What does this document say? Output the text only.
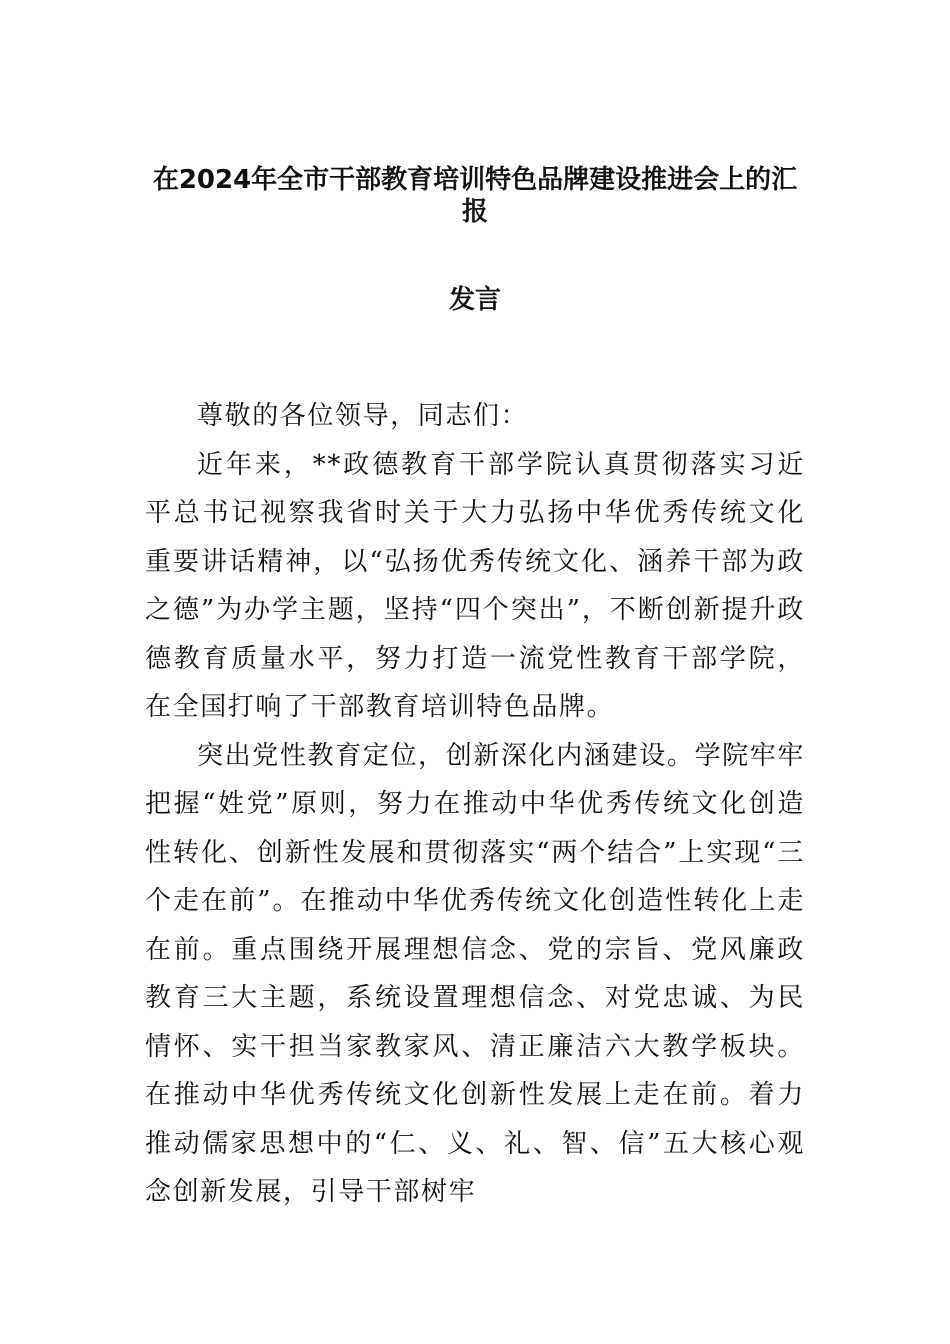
在2024年全市干部教育培训特色品牌建设推进会上的汇报
发言

尊敬的各位领导，同志们：

近年来，**政德教育干部学院认真贯彻落实习近平总书记视察我省时关于大力弘扬中华优秀传统文化重要讲话精神，以“弘扬优秀传统文化、涵养干部为政之德”为办学主题，坚持“四个突出”，不断创新提升政德教育质量水平，努力打造一流党性教育干部学院，在全国打响了干部教育培训特色品牌。

突出党性教育定位，创新深化内涵建设。学院牢牢把握“姓党”原则，努力在推动中华优秀传统文化创造性转化、创新性发展和贯彻落实“两个结合”上实现“三个走在前”。在推动中华优秀传统文化创造性转化上走在前。重点围绕开展理想信念、党的宗旨、党风廉政教育三大主题，系统设置理想信念、对党忠诚、为民情怀、实干担当家教家风、清正廉洁六大教学板块。在推动中华优秀传统文化创新性发展上走在前。着力推动儒家思想中的“仁、义、礼、智、信”五大核心观念创新发展，引导干部树牢
